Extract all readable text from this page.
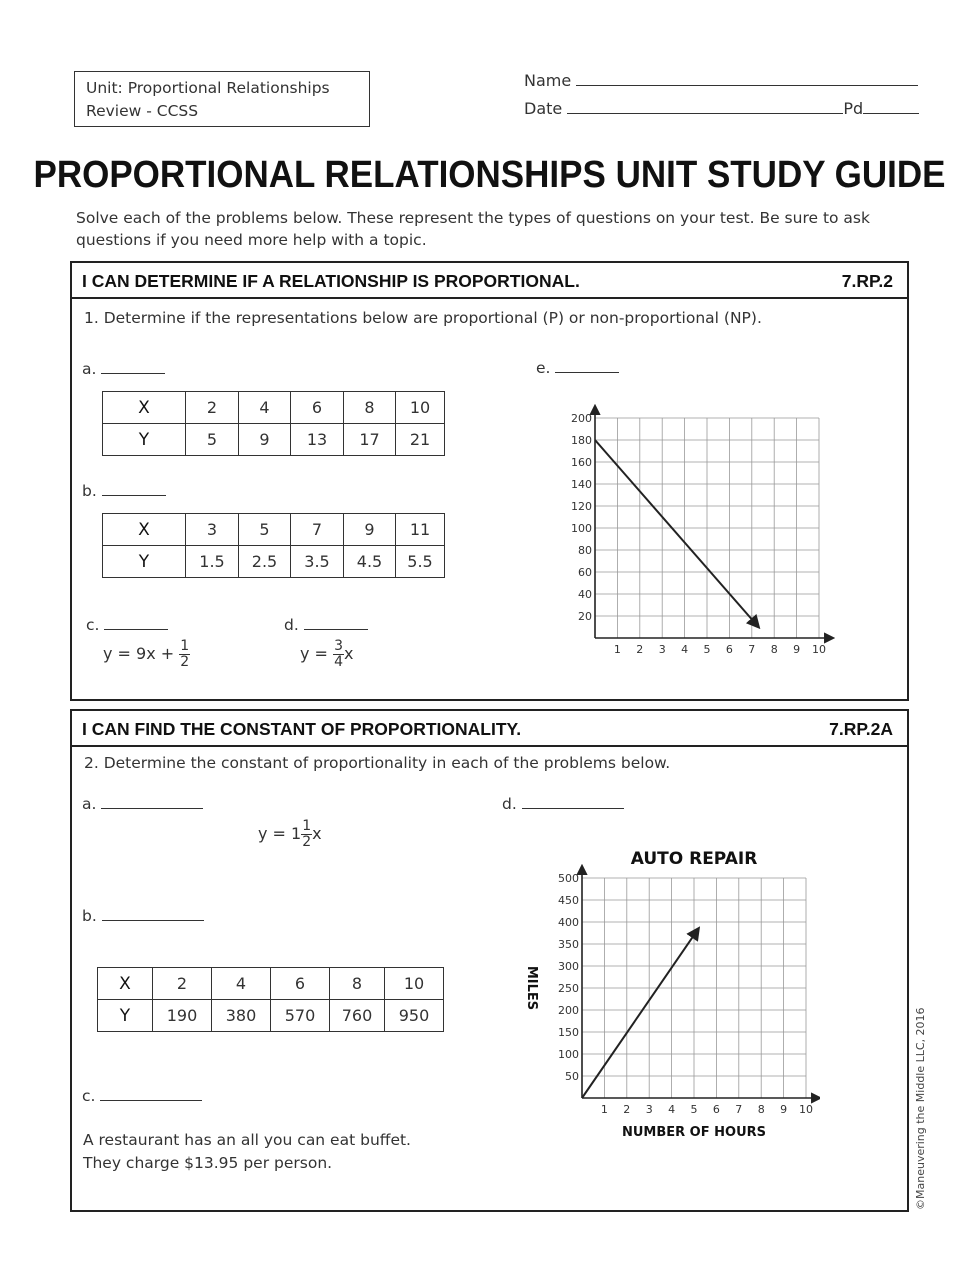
Unit: Proportional Relationships
Review - CCSS
Name
Date	Pd
PROPORTIONAL RELATIONSHIPS UNIT STUDY GUIDE
Solve each of the problems below. These represent the types of questions on your test. Be sure to ask questions if you need more help with a topic.
I CAN DETERMINE IF A RELATIONSHIP IS PROPORTIONAL.	7.RP.2
1. Determine if the representations below are proportional (P) or non-proportional (NP).
a.
X	2	4	6	8	10
Y	5	9	13	17	21
b.
X	3	5	7	9	11
Y	1.5	2.5	3.5	4.5	5.5
c.
$y = 9x + \frac{1}{2}$
d.
$y = \frac{3}{4}$ x
e.
1 2 3 4 5 6 7 8 9 10
20
40
60
80
100
120
140
160
180
200
I CAN FIND THE CONSTANT OF PROPORTIONALITY.	7.RP.2A
2. Determine the constant of proportionality in each of the problems below.
a.
$y = 1 \frac{1}{2}$ x
b.
X	2	4	6	8	10
Y	190	380	570	760	950
c.
A restaurant has an all you can eat buffet.
They charge $13.95 per person.
d.
1 2 3 4 5 6 7 8 9 10
50
100
150
200
250
300
350
400
450
500
AUTO REPAIR
NUMBER OF HOURS
MILES
©Maneuvering the Middle LLC, 2016
